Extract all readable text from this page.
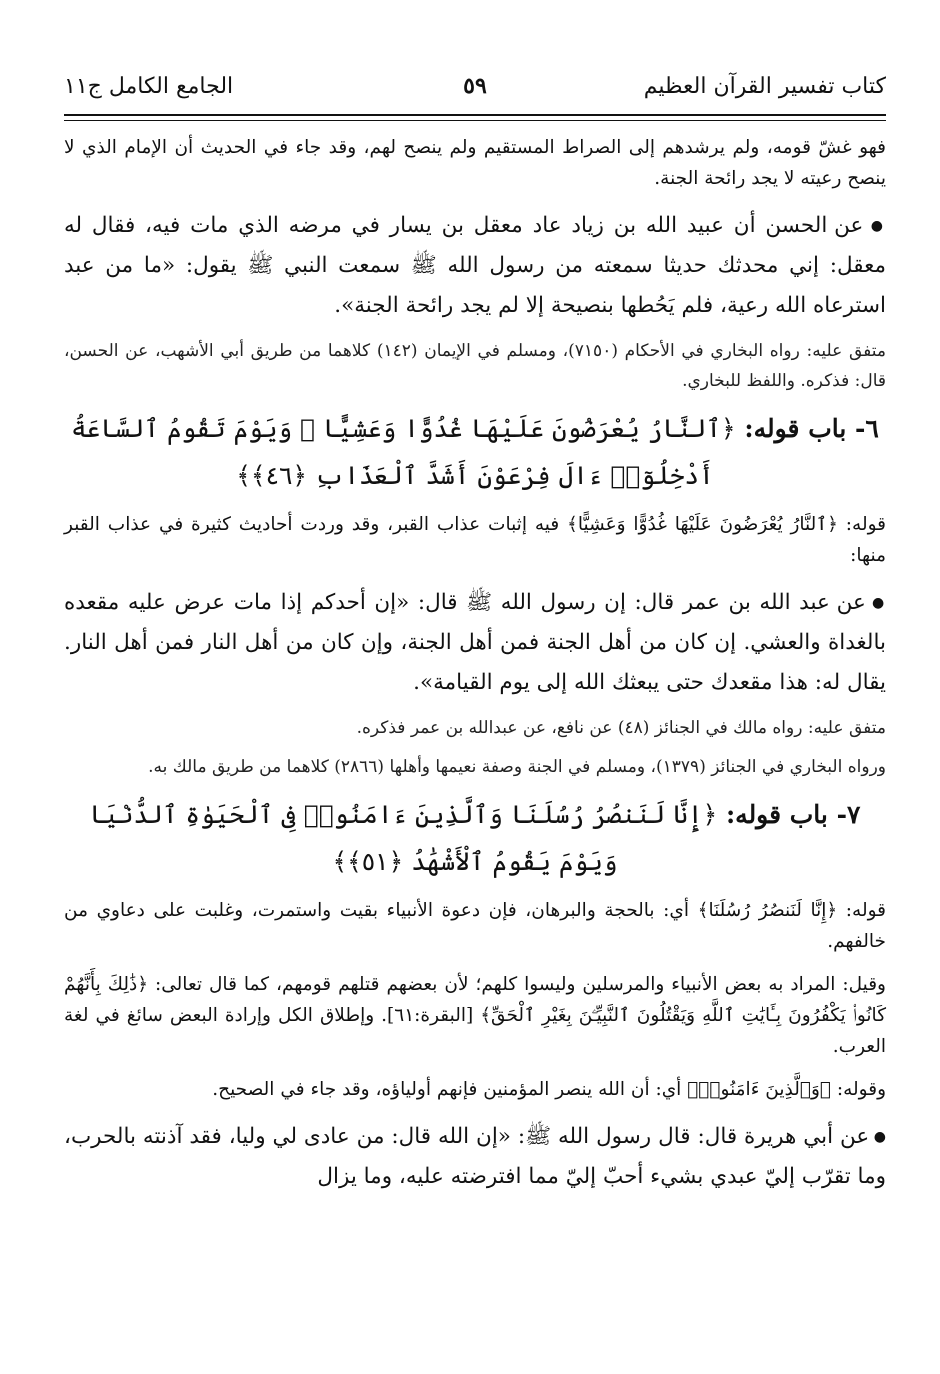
كتاب تفسير القرآن العظيم
٥٩
الجامع الكامل ج١١

فهو غشّ قومه، ولم يرشدهم إلى الصراط المستقيم ولم ينصح لهم، وقد جاء في الحديث أن الإمام الذي لا ينصح رعيته لا يجد رائحة الجنة.

● عن الحسن أن عبيد الله بن زياد عاد معقل بن يسار في مرضه الذي مات فيه، فقال له معقل: إني محدثك حديثا سمعته من رسول الله ﷺ سمعت النبي ﷺ يقول: «ما من عبد استرعاه الله رعية، فلم يَحُطها بنصيحة إلا لم يجد رائحة الجنة».

متفق عليه: رواه البخاري في الأحكام (٧١٥٠)، ومسلم في الإيمان (١٤٢) كلاهما من طريق أبي الأشهب، عن الحسن، قال: فذكره. واللفظ للبخاري.

٦- باب قوله: ﴿ٱلنَّارُ يُعْرَضُونَ عَلَيْهَا غُدُوًّا وَعَشِيًّا ۖ وَيَوْمَ تَقُومُ ٱلسَّاعَةُ أَدْخِلُوٓا۟ ءَالَ فِرْعَوْنَ أَشَدَّ ٱلْعَذَابِ ﴿٤٦﴾﴾

قوله: ﴿ٱلنَّارُ يُعْرَضُونَ عَلَيْهَا غُدُوًّا وَعَشِيًّا﴾ فيه إثبات عذاب القبر، وقد وردت أحاديث كثيرة في عذاب القبر منها:

● عن عبد الله بن عمر قال: إن رسول الله ﷺ قال: «إن أحدكم إذا مات عرض عليه مقعده بالغداة والعشي. إن كان من أهل الجنة فمن أهل الجنة، وإن كان من أهل النار فمن أهل النار. يقال له: هذا مقعدك حتى يبعثك الله إلى يوم القيامة».

متفق عليه: رواه مالك في الجنائز (٤٨) عن نافع، عن عبدالله بن عمر فذكره.

ورواه البخاري في الجنائز (١٣٧٩)، ومسلم في الجنة وصفة نعيمها وأهلها (٢٨٦٦) كلاهما من طريق مالك به.

٧- باب قوله: ﴿إِنَّا لَنَنصُرُ رُسُلَنَا وَٱلَّذِينَ ءَامَنُوا۟ فِى ٱلْحَيَوٰةِ ٱلدُّنْيَا وَيَوْمَ يَقُومُ ٱلْأَشْهَٰدُ ﴿٥١﴾﴾

قوله: ﴿إِنَّا لَنَنصُرُ رُسُلَنَا﴾ أي: بالحجة والبرهان، فإن دعوة الأنبياء بقيت واستمرت، وغلبت على دعاوي من خالفهم.

وقيل: المراد به بعض الأنبياء والمرسلين وليسوا كلهم؛ لأن بعضهم قتلهم قومهم، كما قال تعالى: ﴿ذَٰلِكَ بِأَنَّهُمْ كَانُوا۟ يَكْفُرُونَ بِـَٔايَٰتِ ٱللَّهِ وَيَقْتُلُونَ ٱلنَّبِيِّـۧنَ بِغَيْرِ ٱلْحَقِّ﴾ [البقرة:٦١]. وإطلاق الكل وإرادة البعض سائغ في لغة العرب.

وقوله: ﴿وَٱلَّذِينَ ءَامَنُوا۟﴾ أي: أن الله ينصر المؤمنين فإنهم أولياؤه، وقد جاء في الصحيح.

● عن أبي هريرة قال: قال رسول الله ﷺ: «إن الله قال: من عادى لي وليا، فقد آذنته بالحرب، وما تقرّب إليّ عبدي بشيء أحبّ إليّ مما افترضته عليه، وما يزال
